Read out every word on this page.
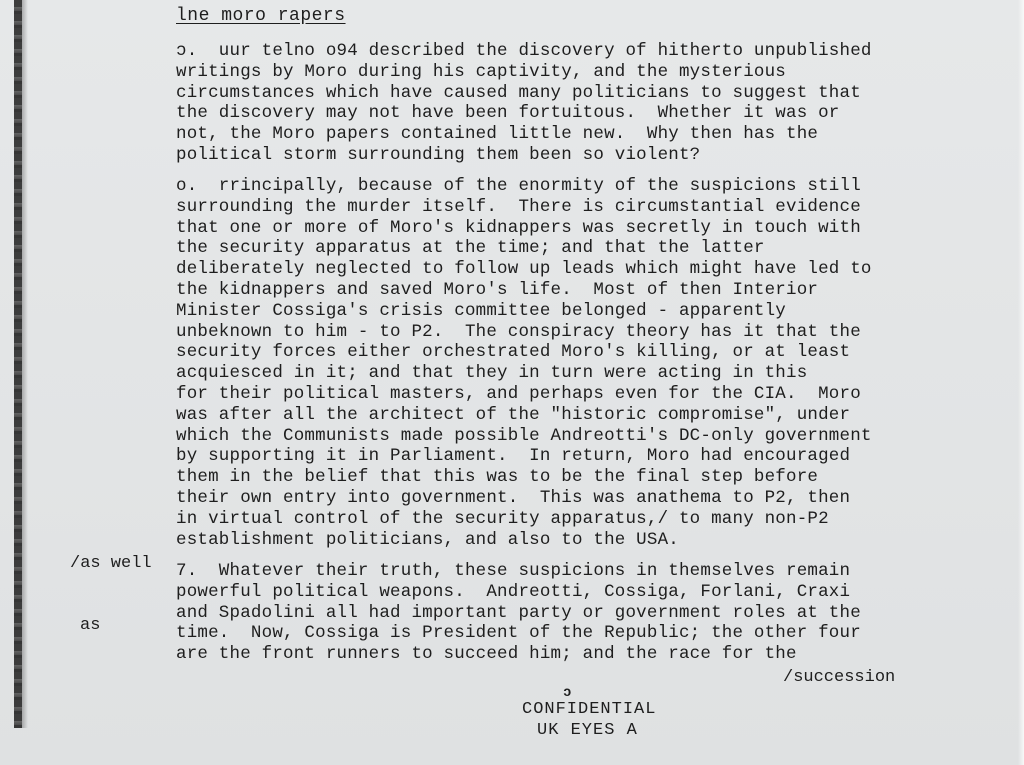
lne moro rapers

ɔ.  uur telno o94 described the discovery of hitherto unpublished
writings by Moro during his captivity, and the mysterious
circumstances which have caused many politicians to suggest that
the discovery may not have been fortuitous.  Whether it was or
not, the Moro papers contained little new.  Why then has the
political storm surrounding them been so violent?

o.  rrincipally, because of the enormity of the suspicions still
surrounding the murder itself.  There is circumstantial evidence
that one or more of Moro's kidnappers was secretly in touch with
the security apparatus at the time; and that the latter
deliberately neglected to follow up leads which might have led to
the kidnappers and saved Moro's life.  Most of then Interior
Minister Cossiga's crisis committee belonged - apparently
unbeknown to him - to P2.  The conspiracy theory has it that the
security forces either orchestrated Moro's killing, or at least
acquiesced in it; and that they in turn were acting in this
for their political masters, and perhaps even for the CIA.  Moro
was after all the architect of the "historic compromise", under
which the Communists made possible Andreotti's DC-only government
by supporting it in Parliament.  In return, Moro had encouraged
them in the belief that this was to be the final step before
their own entry into government.  This was anathema to P2, then
in virtual control of the security apparatus,/ to many non-P2
establishment politicians, and also to the USA.

7.  Whatever their truth, these suspicions in themselves remain
powerful political weapons.  Andreotti, Cossiga, Forlani, Craxi
and Spadolini all had important party or government roles at the
time.  Now, Cossiga is President of the Republic; the other four
are the front runners to succeed him; and the race for the

/as well

as

/succession
ɔ
CONFIDENTIAL
UK EYES A
